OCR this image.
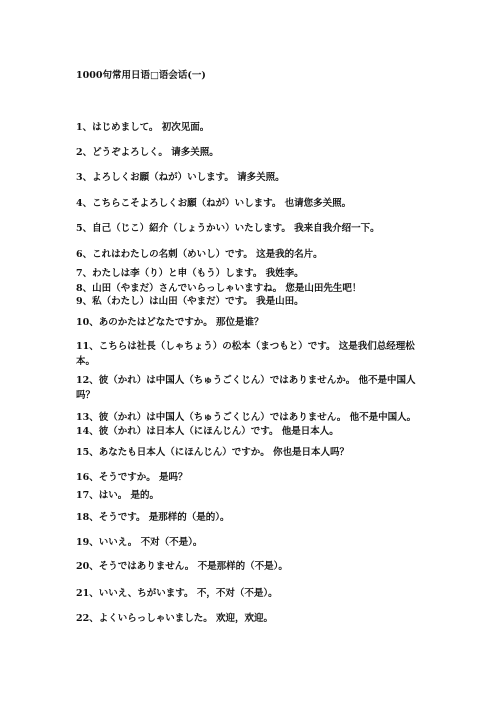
1000句常用日语□语会话(一)
1、はじめまして。 初次见面。
2、どうぞよろしく。 请多关照。
3、よろしくお願（ねが）いします。 请多关照。
4、こちらこそよろしくお願（ねが）いします。 也请您多关照。
5、自己（じこ）紹介（しょうかい）いたします。 我来自我介绍一下。
6、これはわたしの名刺（めいし）です。 这是我的名片。
7、わたしは李（り）と申（もう）します。 我姓李。
8、山田（やまだ）さんでいらっしゃいますね。 您是山田先生吧！
9、私（わたし）は山田（やまだ）です。 我是山田。
10、あのかたはどなたですか。 那位是谁？
11、こちらは社長（しゃちょう）の松本（まつもと）です。 这是我们总经理松本。
12、彼（かれ）は中国人（ちゅうごくじん）ではありませんか。 他不是中国人吗？
13、彼（かれ）は中国人（ちゅうごくじん）ではありません。 他不是中国人。
14、彼（かれ）は日本人（にほんじん）です。 他是日本人。
15、あなたも日本人（にほんじん）ですか。 你也是日本人吗？
16、そうですか。 是吗？
17、はい。 是的。
18、そうです。 是那样的（是的）。
19、いいえ。 不对（不是）。
20、そうではありません。 不是那样的（不是）。
21、いいえ、ちがいます。 不，不对（不是）。
22、よくいらっしゃいました。 欢迎，欢迎。
